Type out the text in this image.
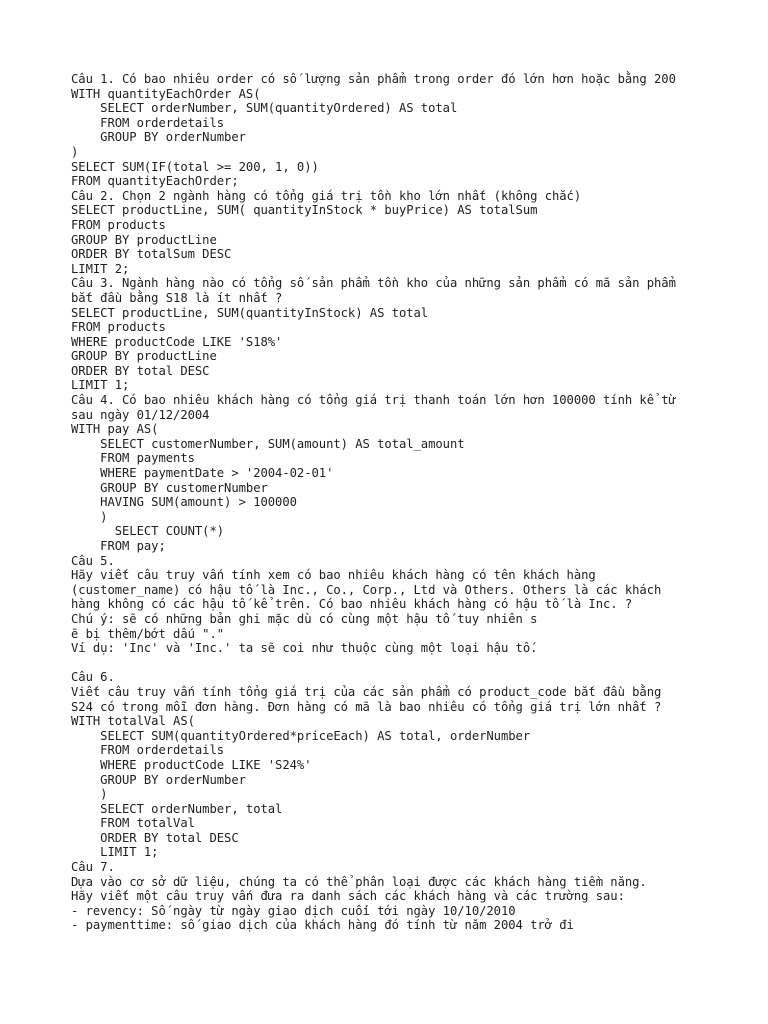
Câu 1. Có bao nhiêu order có số lượng sản phẩm trong order đó lớn hơn hoặc bằng 200
WITH quantityEachOrder AS(
SELECT orderNumber, SUM(quantityOrdered) AS total
FROM orderdetails
GROUP BY orderNumber
)
SELECT SUM(IF(total >= 200, 1, 0))
FROM quantityEachOrder;
Câu 2. Chọn 2 ngành hàng có tổng giá trị tồn kho lớn nhất (không chắc)
SELECT productLine, SUM( quantityInStock * buyPrice) AS totalSum
FROM products
GROUP BY productLine
ORDER BY totalSum DESC
LIMIT 2;
Câu 3. Ngành hàng nào có tổng số sản phẩm tồn kho của những sản phẩm có mã sản phẩm
bắt đầu bằng S18 là ít nhất ?
SELECT productLine, SUM(quantityInStock) AS total
FROM products
WHERE productCode LIKE 'S18%'
GROUP BY productLine
ORDER BY total DESC
LIMIT 1;
Câu 4. Có bao nhiêu khách hàng có tổng giá trị thanh toán lớn hơn 100000 tính kể từ
sau ngày 01/12/2004
WITH pay AS(
SELECT customerNumber, SUM(amount) AS total_amount
FROM payments
WHERE paymentDate > '2004-02-01'
GROUP BY customerNumber
HAVING SUM(amount) > 100000
)
SELECT COUNT(*)
FROM pay;
Câu 5.
Hãy viết câu truy vấn tính xem có bao nhiêu khách hàng có tên khách hàng
(customer_name) có hậu tố là Inc., Co., Corp., Ltd và Others. Others là các khách
hàng không có các hậu tố kể trên. Có bao nhiêu khách hàng có hậu tố là Inc. ?
Chú ý: sẽ có những bản ghi mặc dù có cùng một hậu tố tuy nhiên s
ẽ bị thêm/bớt dấu "."
Ví dụ: 'Inc' và 'Inc.' ta sẽ coi như thuộc cùng một loại hậu tố.
Câu 6.
Viết câu truy vấn tính tổng giá trị của các sản phẩm có product_code bắt đầu bằng
S24 có trong mỗi đơn hàng. Đơn hàng có mã là bao nhiêu có tổng giá trị lớn nhất ?
WITH totalVal AS(
SELECT SUM(quantityOrdered*priceEach) AS total, orderNumber
FROM orderdetails
WHERE productCode LIKE 'S24%'
GROUP BY orderNumber
)
SELECT orderNumber, total
FROM totalVal
ORDER BY total DESC
LIMIT 1;
Câu 7.
Dựa vào cơ sở dữ liệu, chúng ta có thể phân loại được các khách hàng tiềm năng.
Hãy viết một câu truy vấn đưa ra danh sách các khách hàng và các trường sau:
- revency: Số ngày từ ngày giao dịch cuối tới ngày 10/10/2010
- paymenttime: số giao dịch của khách hàng đó tính từ năm 2004 trở đi
